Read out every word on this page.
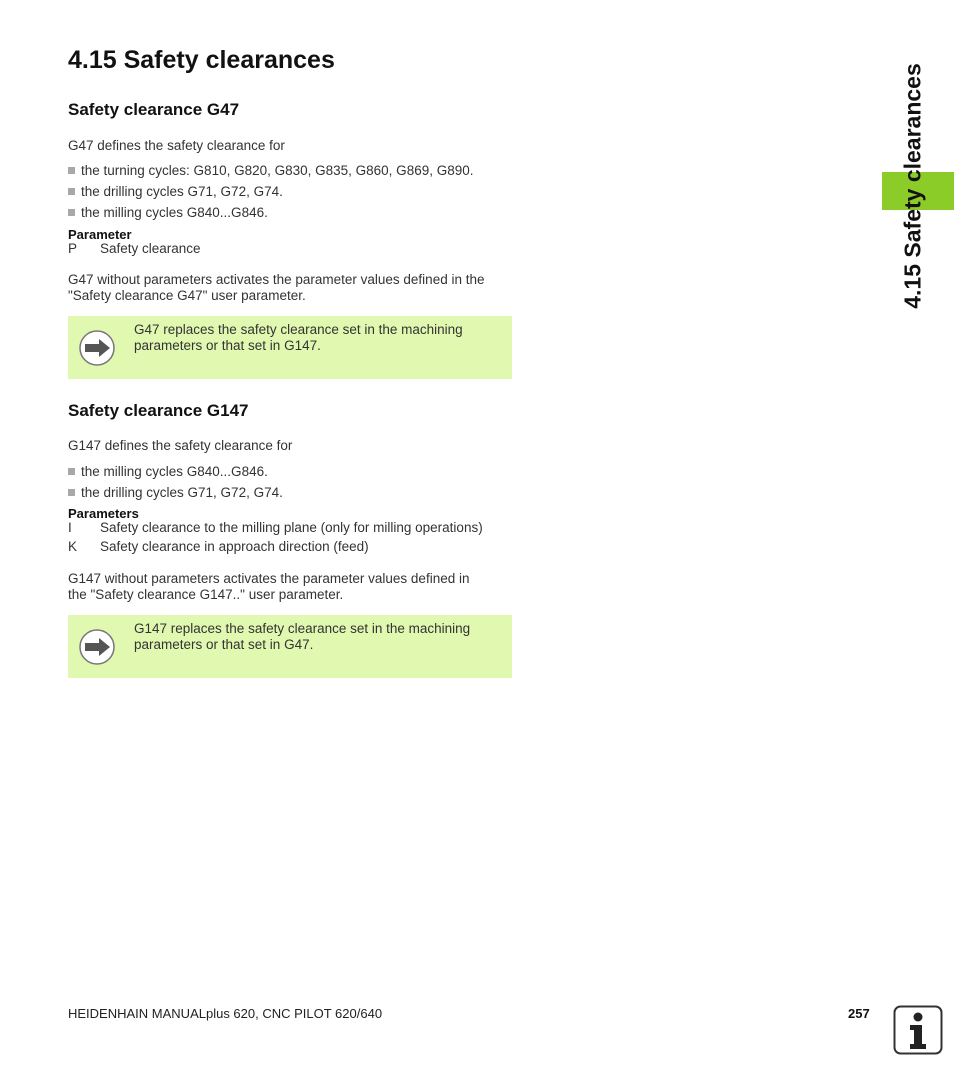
4.15 Safety clearances
4.15 Safety clearances
Safety clearance G47
G47 defines the safety clearance for
the turning cycles: G810, G820, G830, G835, G860, G869, G890.
the drilling cycles G71, G72, G74.
the milling cycles G840...G846.
Parameter
P Safety clearance
G47 without parameters activates the parameter values defined in the
"Safety clearance G47" user parameter.
G47 replaces the safety clearance set in the machining
parameters or that set in G147.
Safety clearance G147
G147 defines the safety clearance for
the milling cycles G840...G846.
the drilling cycles G71, G72, G74.
Parameters
I Safety clearance to the milling plane (only for milling operations)
K Safety clearance in approach direction (feed)
G147 without parameters activates the parameter values defined in
the "Safety clearance G147.." user parameter.
G147 replaces the safety clearance set in the machining
parameters or that set in G47.
HEIDENHAIN MANUALplus 620, CNC PILOT 620/640	257
